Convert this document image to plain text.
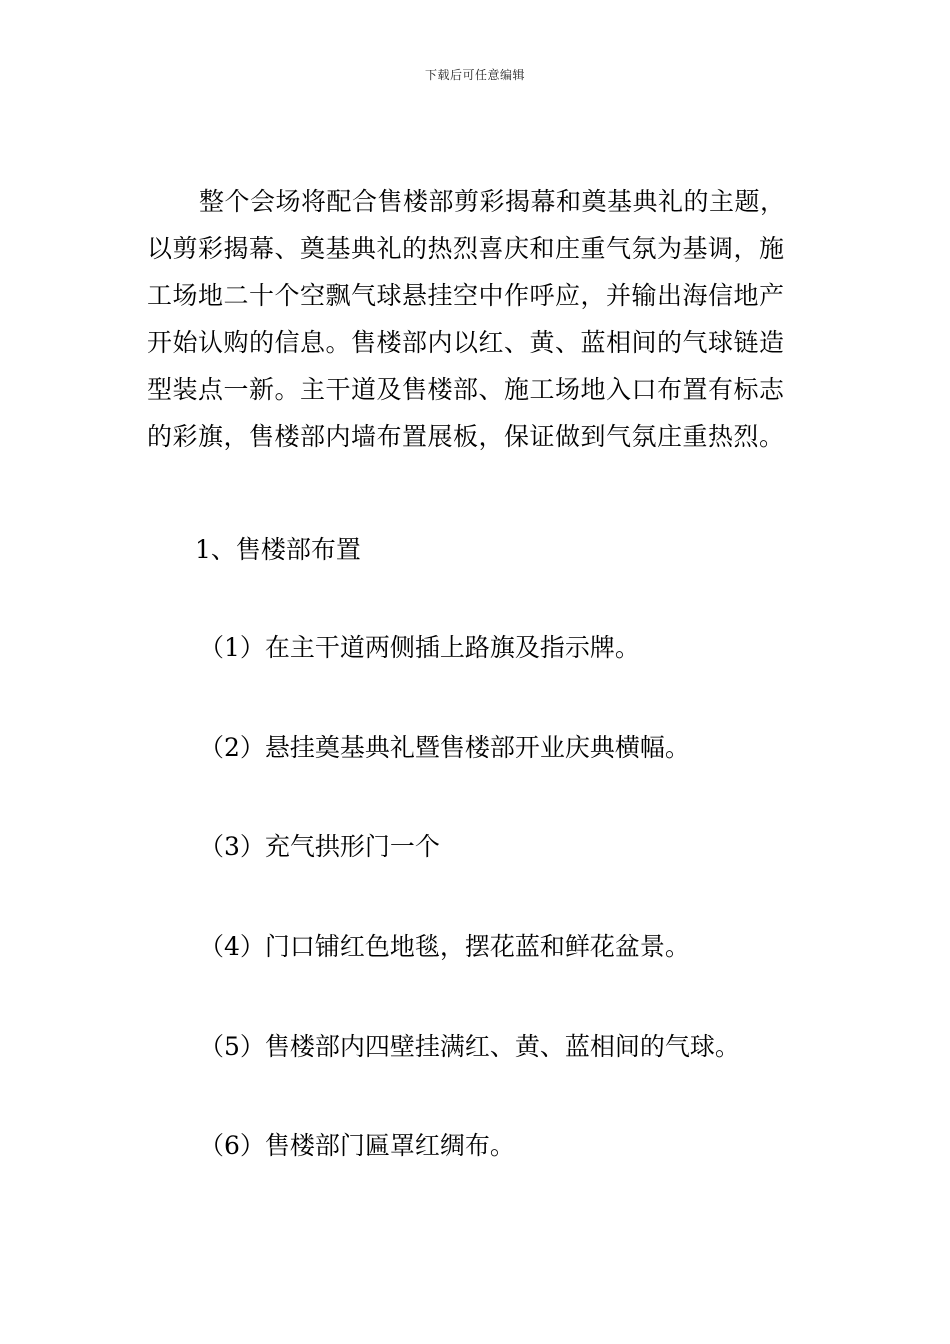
下载后可任意编辑
整个会场将配合售楼部剪彩揭幕和奠基典礼的主题，
以剪彩揭幕、奠基典礼的热烈喜庆和庄重气氛为基调，施
工场地二十个空飘气球悬挂空中作呼应，并输出海信地产
开始认购的信息。售楼部内以红、黄、蓝相间的气球链造
型装点一新。主干道及售楼部、施工场地入口布置有标志
的彩旗，售楼部内墙布置展板，保证做到气氛庄重热烈。
1、售楼部布置
（1）在主干道两侧插上路旗及指示牌。
（2）悬挂奠基典礼暨售楼部开业庆典横幅。
（3）充气拱形门一个
（4）门口铺红色地毯，摆花蓝和鲜花盆景。
（5）售楼部内四壁挂满红、黄、蓝相间的气球。
（6）售楼部门匾罩红绸布。
